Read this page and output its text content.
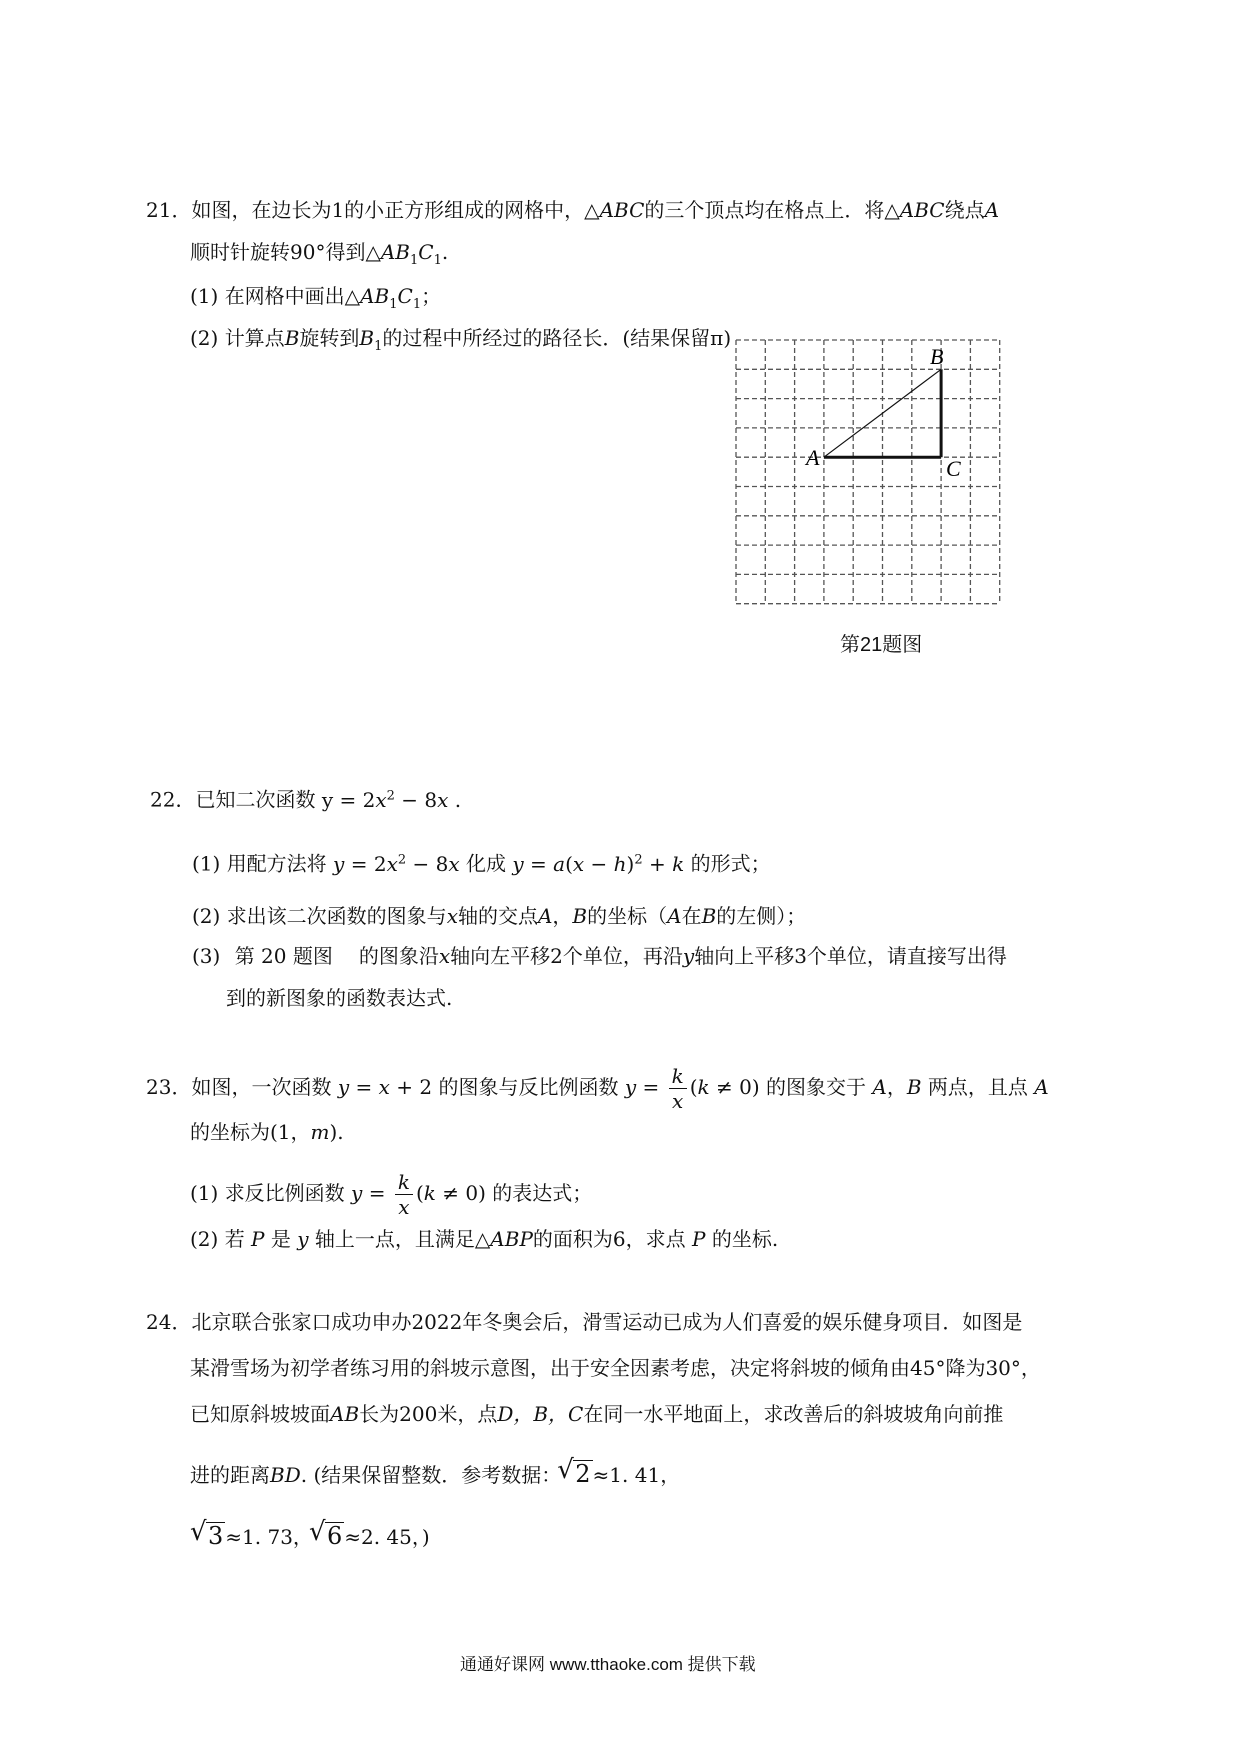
21．如图，在边长为1的小正方形组成的网格中，△ABC的三个顶点均在格点上．将△ABC绕点A
顺时针旋转90°得到$\triangle AB_1C_1$.
(1) 在网格中画出$\triangle AB_1C_1$；
(2) 计算点B旋转到$B_1$的过程中所经过的路径长．(结果保留π)
A
B
C
第21题图
22．已知二次函数 $y = 2x^2 - 8x$ .
(1) 用配方法将 $y = 2x^2 - 8x$ 化成 $y = a(x - h)^2 + k$ 的形式；
(2) 求出该二次函数的图象与x轴的交点A，B的坐标（A在B的左侧）；
(3) 第 20 题图 的图象沿x轴向左平移2个单位，再沿y轴向上平移3个单位，请直接写出得
到的新图象的函数表达式.
23．如图，一次函数 y = x + 2 的图象与反比例函数 $y = \frac{k}{x} (k \ne 0)$ 的图象交于 A，B 两点，且点 A
的坐标为(1，m).
(1) 求反比例函数 $y = \frac{k}{x} (k \ne 0)$ 的表达式；
(2) 若 P 是 y 轴上一点，且满足△ABP的面积为6，求点 P 的坐标.
24．北京联合张家口成功申办2022年冬奥会后，滑雪运动已成为人们喜爱的娱乐健身项目．如图是
某滑雪场为初学者练习用的斜坡示意图，出于安全因素考虑，决定将斜坡的倾角由45°降为30°，
已知原斜坡坡面AB长为200米，点D，B，C在同一水平地面上，求改善后的斜坡坡角向前推
进的距离BD. (结果保留整数．参考数据： √ 2 ≈1. 41，
√ 3 ≈1. 73， √ 6 ≈2. 45，)
通通好课网 www.tthaoke.com 提供下载
